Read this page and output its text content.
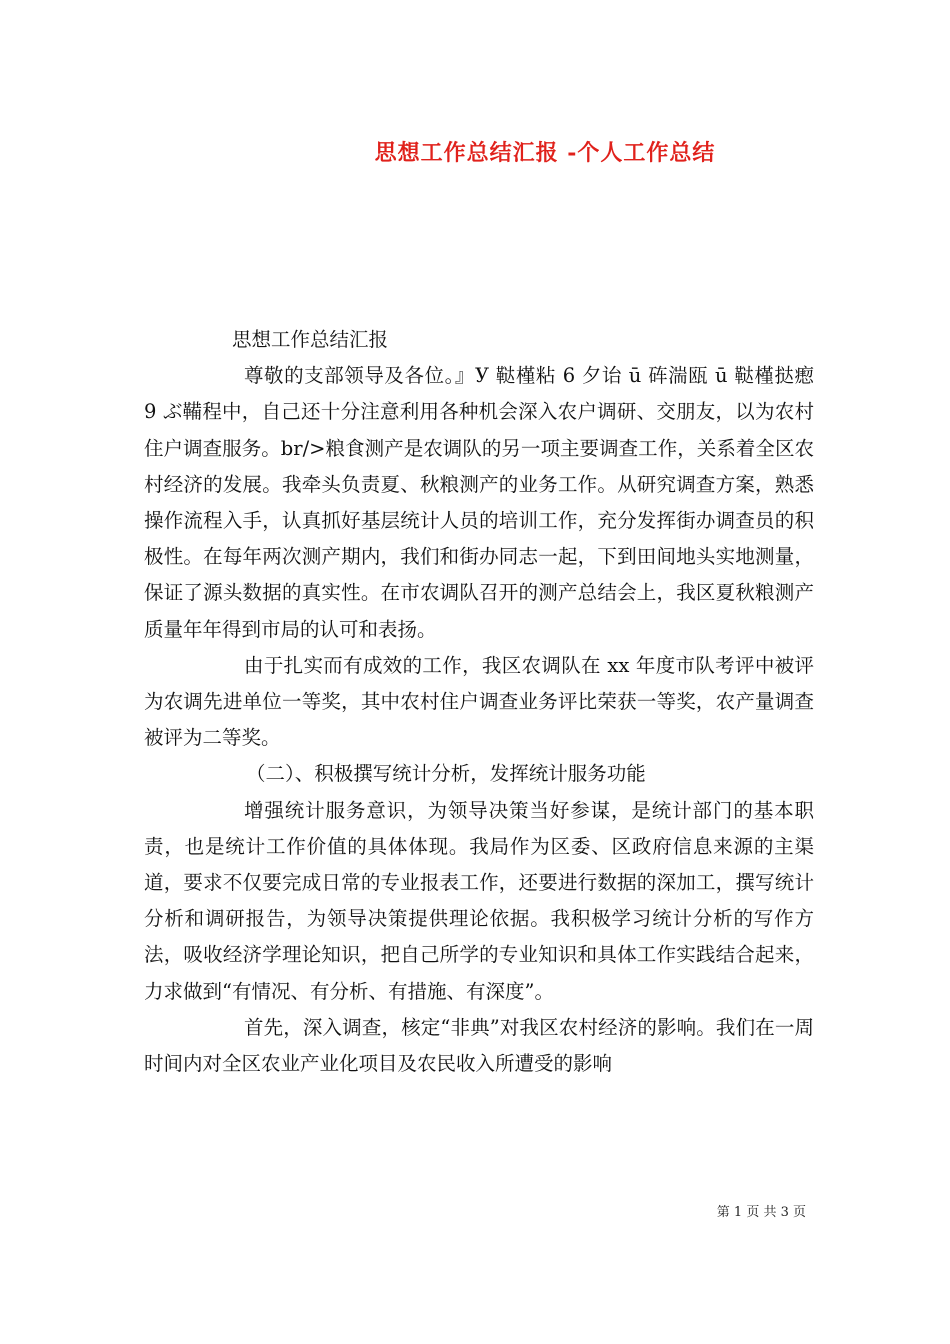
思想工作总结汇报 -个人工作总结

思想工作总结汇报

尊敬的支部领导及各位。』У 鞑槿粘 6 夕诒 ū 砗湍瓯 ū 鞑槿挞瘛 9 ぶ鞴程中，自己还十分注意利用各种机会深入农户调研、交朋友，以为农村住户调查服务。br/>粮食测产是农调队的另一项主要调查工作，关系着全区农村经济的发展。我牵头负责夏、秋粮测产的业务工作。从研究调查方案，熟悉操作流程入手，认真抓好基层统计人员的培训工作，充分发挥街办调查员的积极性。在每年两次测产期内，我们和街办同志一起，下到田间地头实地测量，保证了源头数据的真实性。在市农调队召开的测产总结会上，我区夏秋粮测产质量年年得到市局的认可和表扬。

由于扎实而有成效的工作，我区农调队在 xx 年度市队考评中被评为农调先进单位一等奖，其中农村住户调查业务评比荣获一等奖，农产量调查被评为二等奖。

（二）、积极撰写统计分析，发挥统计服务功能

增强统计服务意识，为领导决策当好参谋，是统计部门的基本职责，也是统计工作价值的具体体现。我局作为区委、区政府信息来源的主渠道，要求不仅要完成日常的专业报表工作，还要进行数据的深加工，撰写统计分析和调研报告，为领导决策提供理论依据。我积极学习统计分析的写作方法，吸收经济学理论知识，把自己所学的专业知识和具体工作实践结合起来，力求做到“有情况、有分析、有措施、有深度”。

首先，深入调查，核定“非典”对我区农村经济的影响。我们在一周时间内对全区农业产业化项目及农民收入所遭受的影响

第 1 页 共 3 页
